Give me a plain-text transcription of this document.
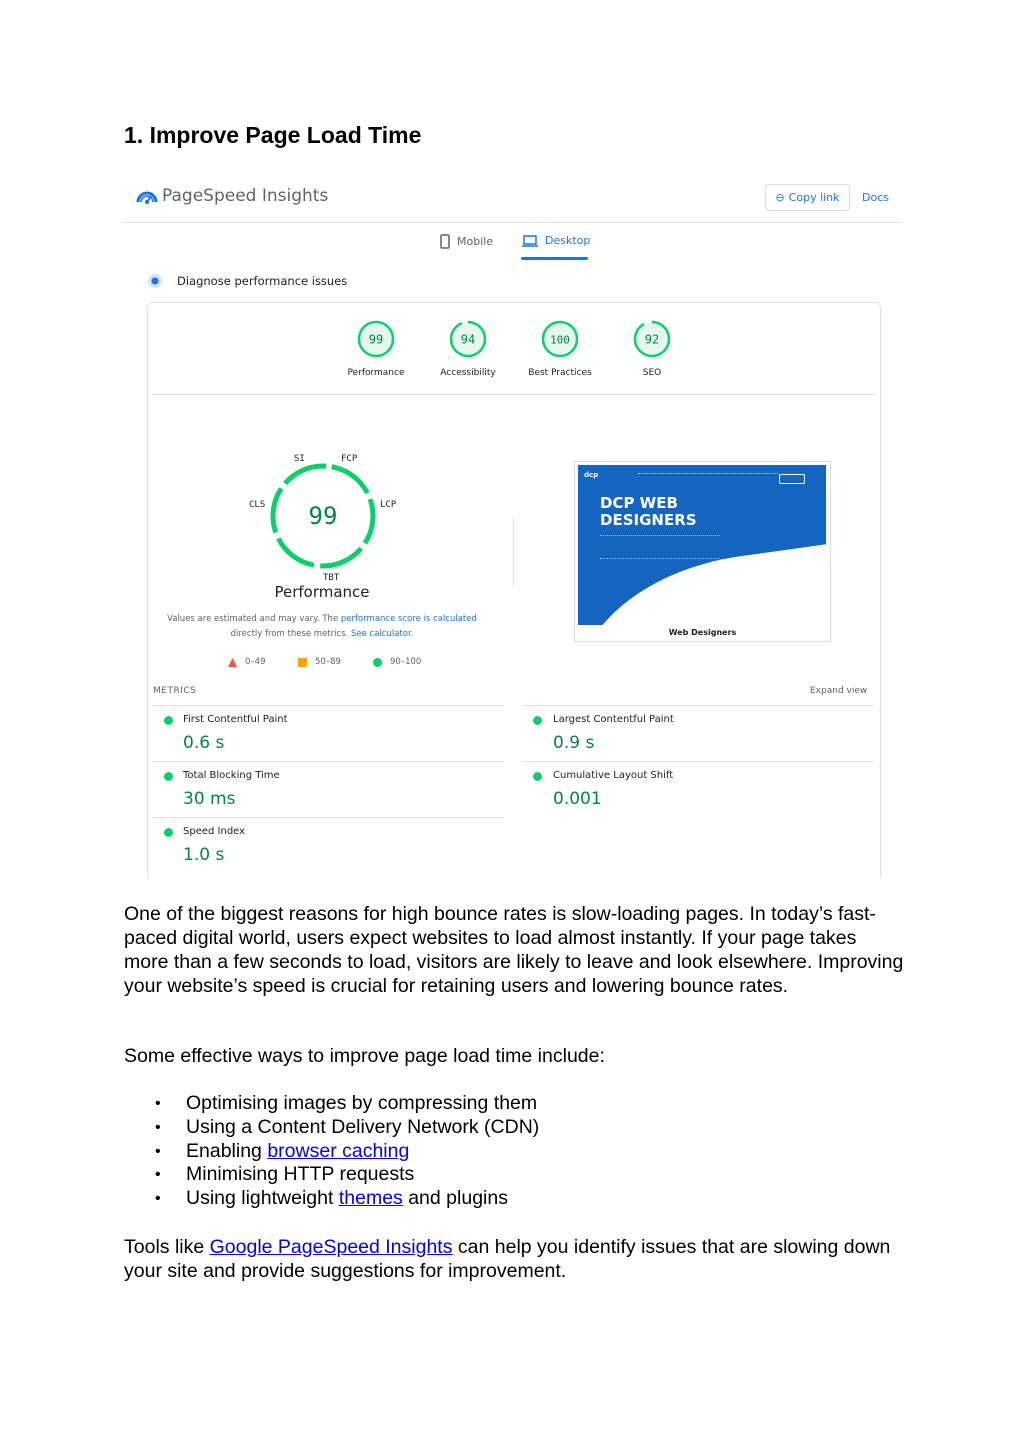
1. Improve Page Load Time
PageSpeed Insights	⊖ Copy link Docs
Mobile	Desktop
Diagnose performance issues
99
Performance
94
Accessibility
100
Best Practices
92
SEO
99
SI	FCP
CLS	LCP
TBT
Performance
Values are estimated and may vary. The performance score is calculated
directly from these metrics. See calculator.
0–49	50–89	90–100
dcp
DCP WEB
DESIGNERS
Web Designers
METRICS	Expand view
First Contentful Paint
0.6 s
Largest Contentful Paint
0.9 s
Total Blocking Time
30 ms
Cumulative Layout Shift
0.001
Speed Index
1.0 s
One of the biggest reasons for high bounce rates is slow-loading pages. In today’s fast-paced digital world, users expect websites to load almost instantly. If your page takes more than a few seconds to load, visitors are likely to leave and look elsewhere. Improving your website’s speed is crucial for retaining users and lowering bounce rates.
Some effective ways to improve page load time include:
• Optimising images by compressing them
• Using a Content Delivery Network (CDN)
• Enabling browser caching
• Minimising HTTP requests
• Using lightweight themes and plugins
Tools like Google PageSpeed Insights can help you identify issues that are slowing down your site and provide suggestions for improvement.
